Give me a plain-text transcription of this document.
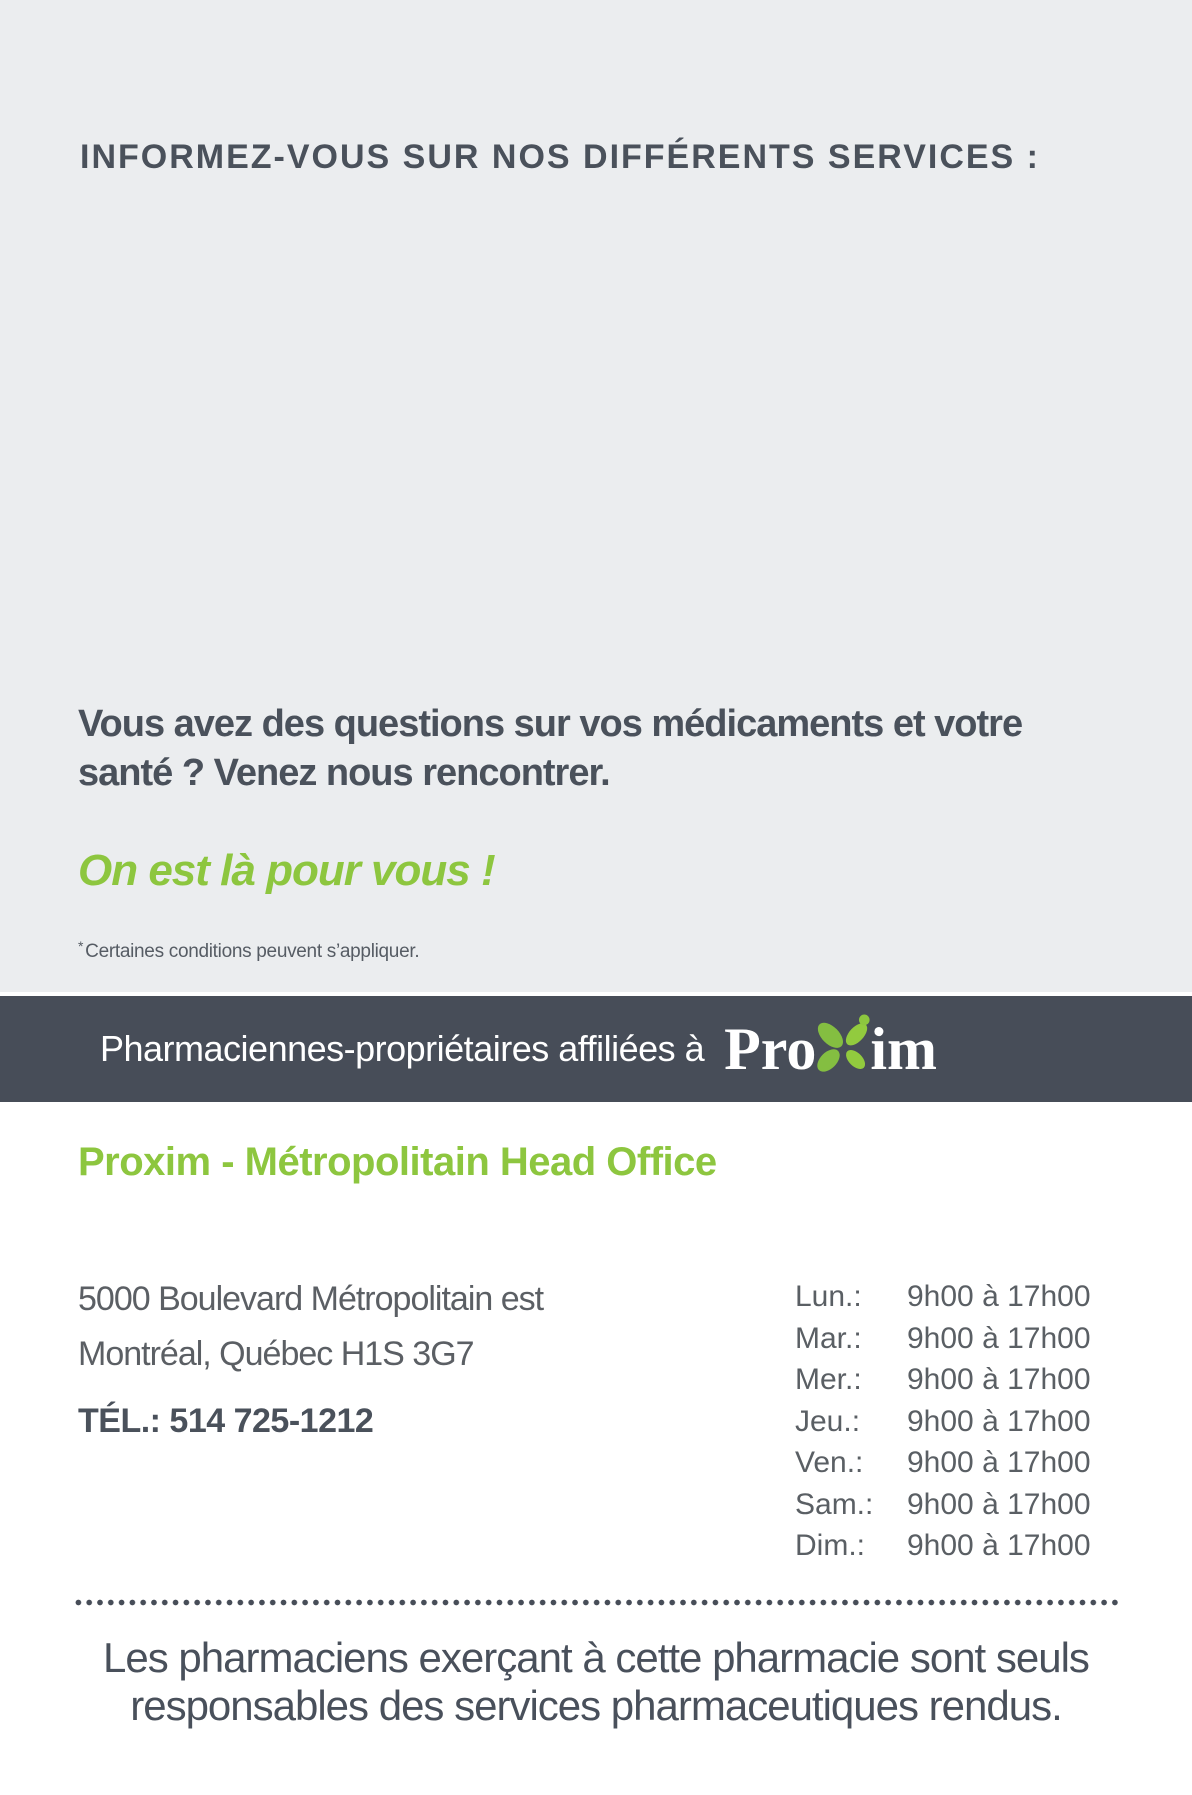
INFORMEZ-VOUS SUR NOS DIFFÉRENTS SERVICES :

Vous avez des questions sur vos médicaments et votre
santé ? Venez nous rencontrer.

On est là pour vous !

* Certaines conditions peuvent s’appliquer.

Pharmaciennes-propriétaires affiliées à Pro im
Proxim - Métropolitain Head Office

5000 Boulevard Métropolitain est

Montréal, Québec H1S 3G7

TÉL.: 514 725-1212

Lun.:	9h00 à 17h00
Mar.:	9h00 à 17h00
Mer.:	9h00 à 17h00
Jeu.:	9h00 à 17h00
Ven.:	9h00 à 17h00
Sam.:	9h00 à 17h00
Dim.:	9h00 à 17h00

Les pharmaciens exerçant à cette pharmacie sont seuls

responsables des services pharmaceutiques rendus.
